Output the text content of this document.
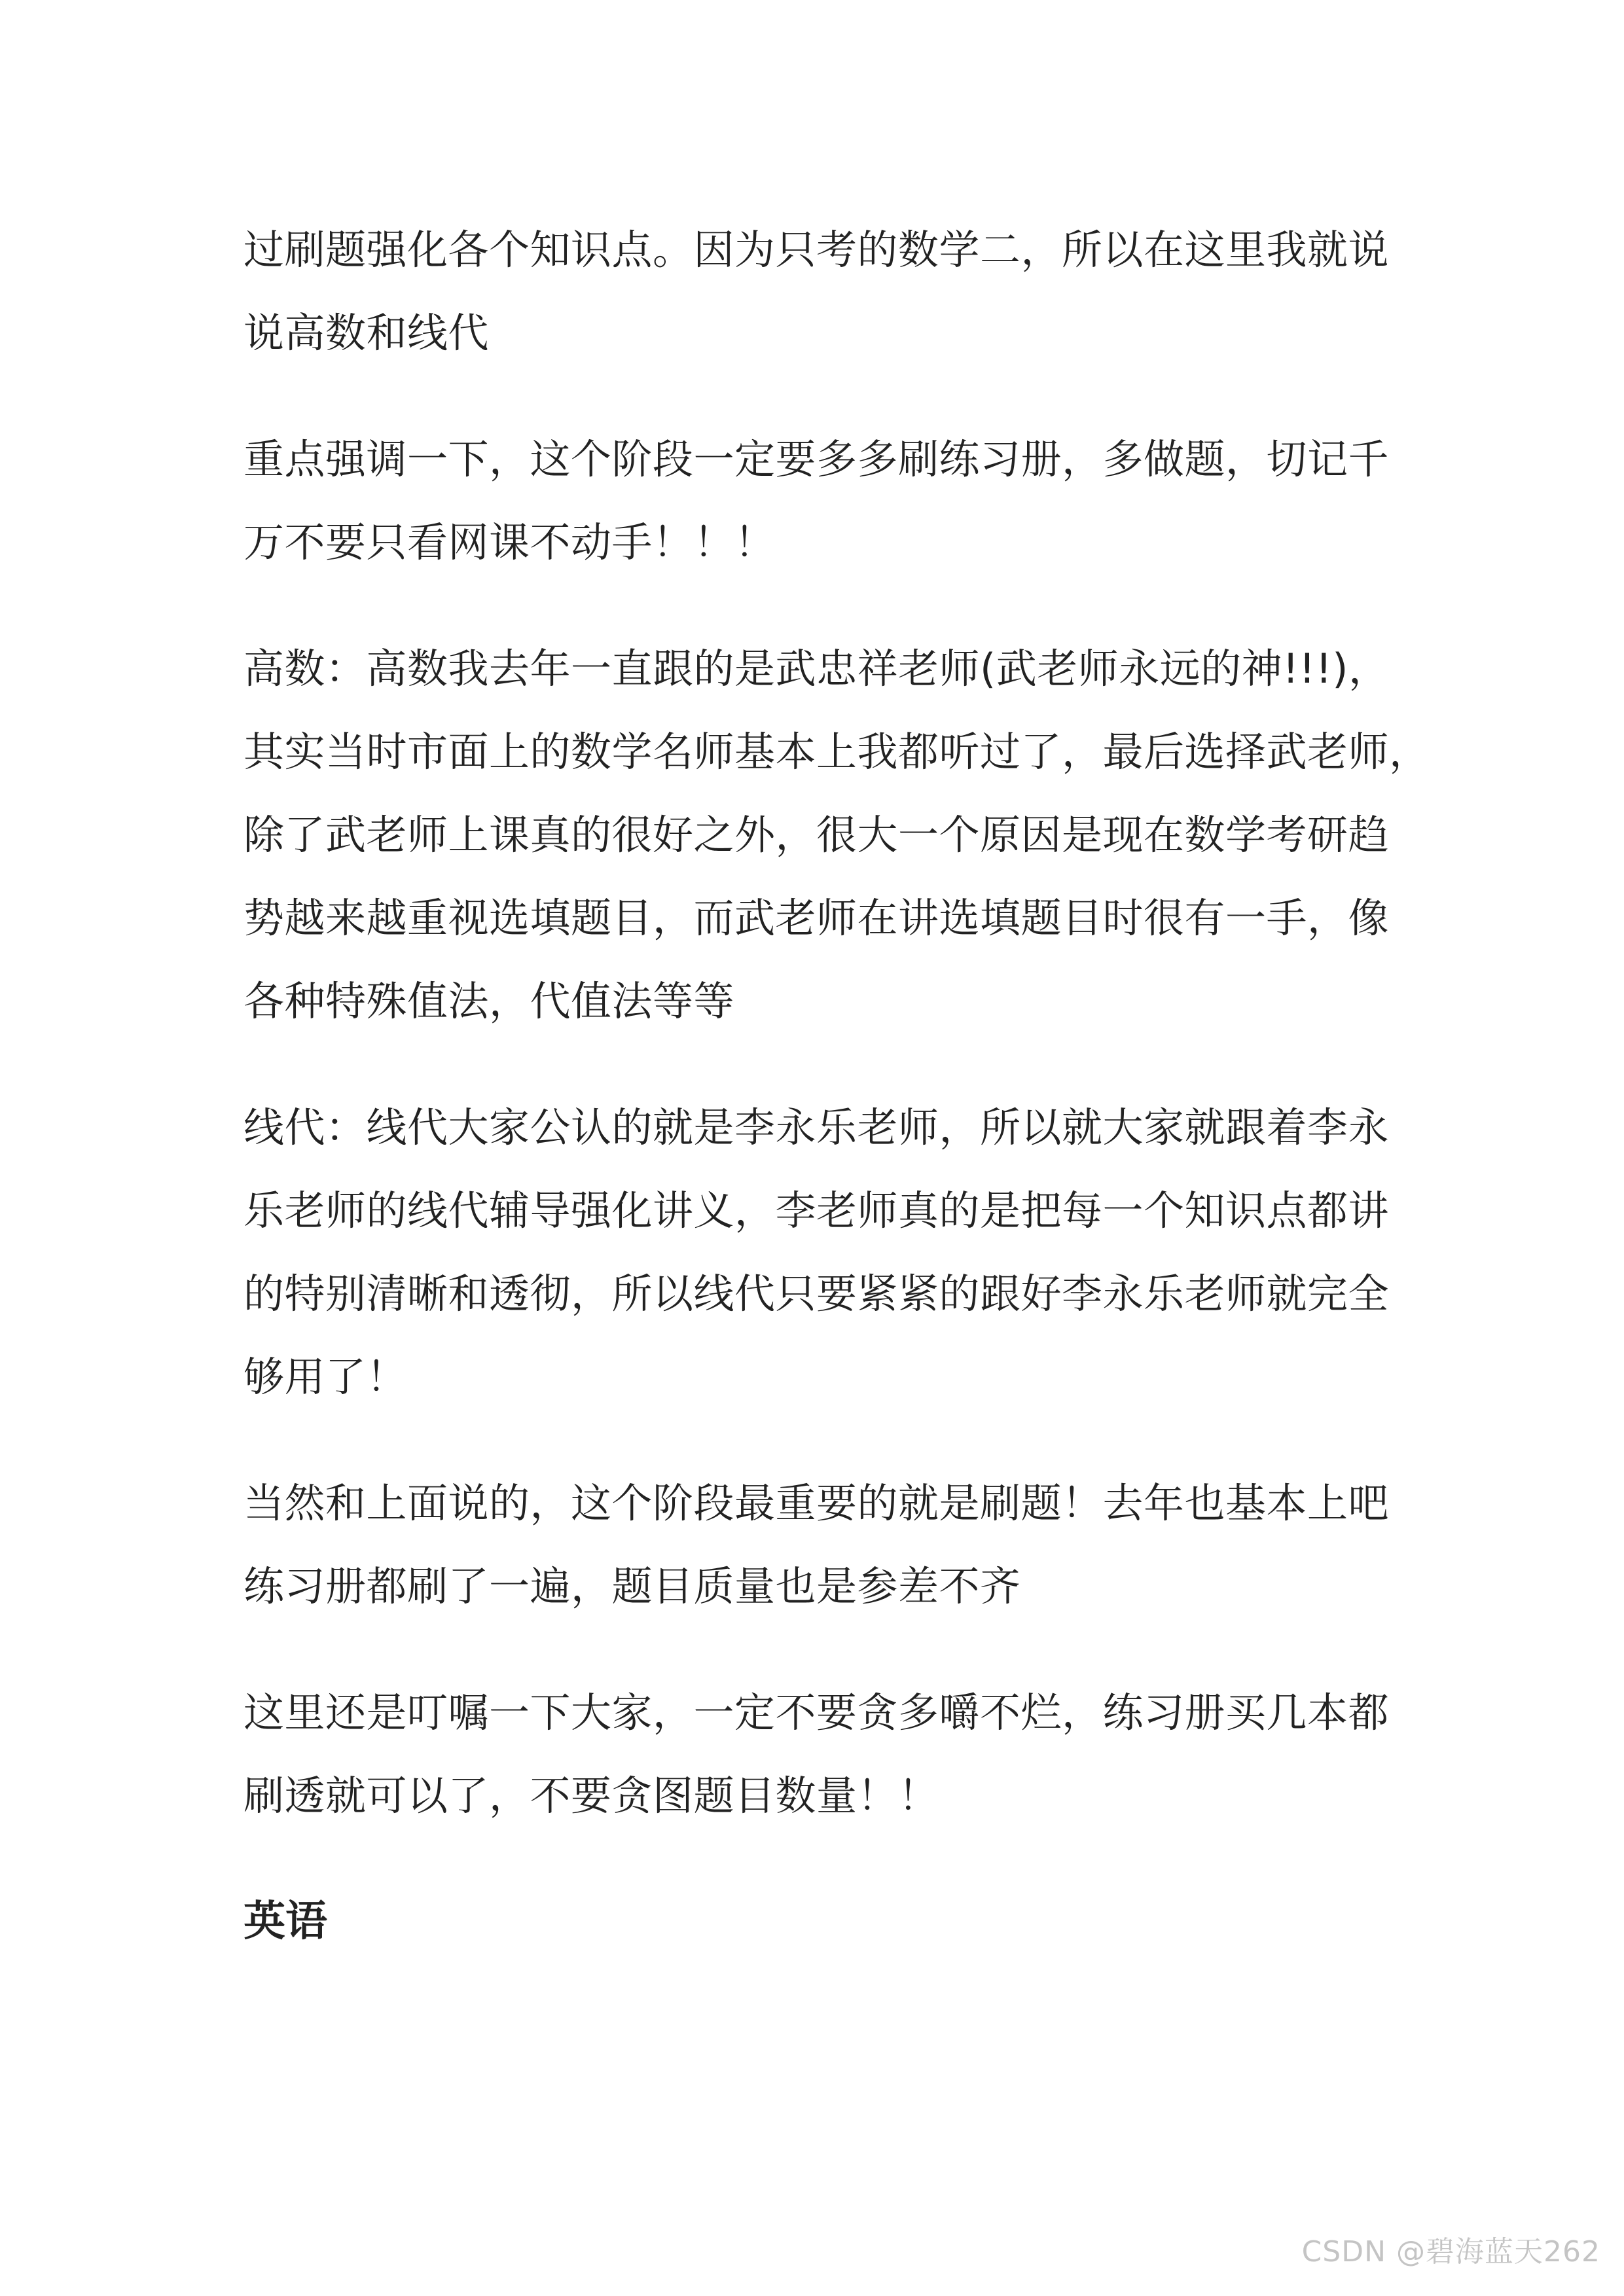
过刷题强化各个知识点。因为只考的数学二，所以在这里我就说
说高数和线代

重点强调一下，这个阶段一定要多多刷练习册，多做题，切记千
万不要只看网课不动手！！！

高数：高数我去年一直跟的是武忠祥老师(武老师永远的神!!!)，
其实当时市面上的数学名师基本上我都听过了，最后选择武老师，
除了武老师上课真的很好之外，很大一个原因是现在数学考研趋
势越来越重视选填题目，而武老师在讲选填题目时很有一手，像
各种特殊值法，代值法等等

线代：线代大家公认的就是李永乐老师，所以就大家就跟着李永
乐老师的线代辅导强化讲义，李老师真的是把每一个知识点都讲
的特别清晰和透彻，所以线代只要紧紧的跟好李永乐老师就完全
够用了！

当然和上面说的，这个阶段最重要的就是刷题！去年也基本上吧
练习册都刷了一遍，题目质量也是参差不齐

这里还是叮嘱一下大家，一定不要贪多嚼不烂，练习册买几本都
刷透就可以了，不要贪图题目数量！！

英语
CSDN @碧海蓝天262
